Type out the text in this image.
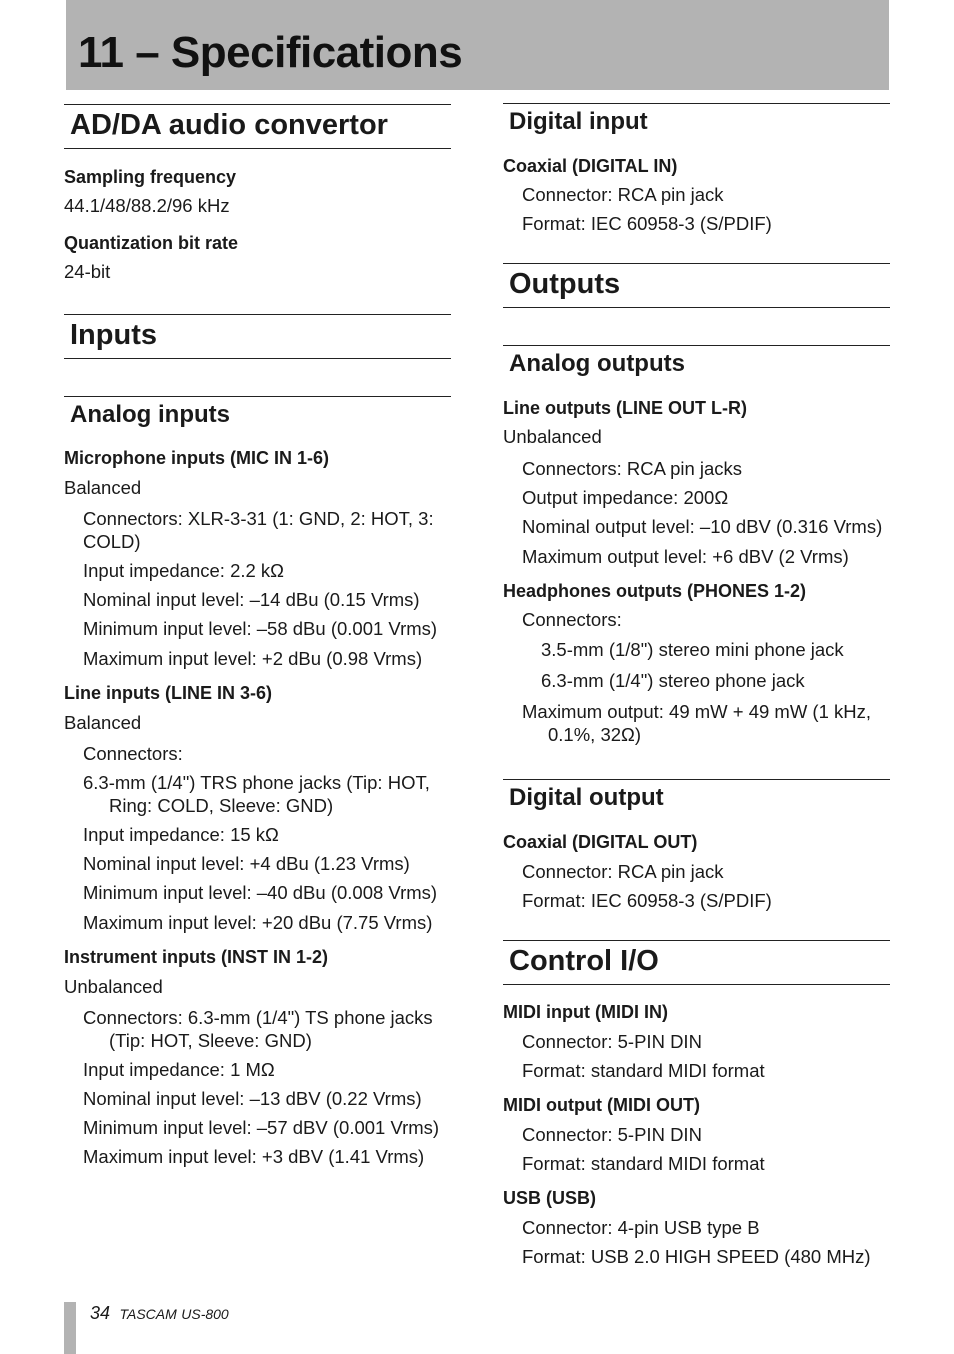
11 – Specifications
AD/DA audio convertor
Sampling frequency
44.1/48/88.2/96 kHz
Quantization bit rate
24-bit
Inputs
Analog inputs
Microphone inputs (MIC IN 1-6)
Balanced
Connectors: XLR-3-31 (1: GND, 2: HOT, 3:
COLD)
Input impedance: 2.2 kΩ
Nominal input level: –14 dBu (0.15 Vrms)
Minimum input level: –58 dBu (0.001 Vrms)
Maximum input level: +2 dBu (0.98 Vrms)
Line inputs (LINE IN 3-6)
Balanced
Connectors:
6.3-mm (1/4") TRS phone jacks (Tip: HOT,
Ring: COLD, Sleeve: GND)
Input impedance: 15 kΩ
Nominal input level: +4 dBu (1.23 Vrms)
Minimum input level: –40 dBu (0.008 Vrms)
Maximum input level: +20 dBu (7.75 Vrms)
Instrument inputs (INST IN 1-2)
Unbalanced
Connectors: 6.3-mm (1/4") TS phone jacks
(Tip: HOT, Sleeve: GND)
Input impedance: 1 MΩ
Nominal input level: –13 dBV (0.22 Vrms)
Minimum input level: –57 dBV (0.001 Vrms)
Maximum input level: +3 dBV (1.41 Vrms)
Digital input
Coaxial (DIGITAL IN)
Connector: RCA pin jack
Format: IEC 60958-3 (S/PDIF)
Outputs
Analog outputs
Line outputs (LINE OUT L-R)
Unbalanced
Connectors: RCA pin jacks
Output impedance: 200Ω
Nominal output level: –10 dBV (0.316 Vrms)
Maximum output level: +6 dBV (2 Vrms)
Headphones outputs (PHONES 1-2)
Connectors:
3.5-mm (1/8") stereo mini phone jack
6.3-mm (1/4") stereo phone jack
Maximum output: 49 mW + 49 mW (1 kHz,
0.1%, 32Ω)
Digital output
Coaxial (DIGITAL OUT)
Connector: RCA pin jack
Format: IEC 60958-3 (S/PDIF)
Control I/O
MIDI input (MIDI IN)
Connector: 5-PIN DIN
Format: standard MIDI format
MIDI output (MIDI OUT)
Connector: 5-PIN DIN
Format: standard MIDI format
USB (USB)
Connector: 4-pin USB type B
Format: USB 2.0 HIGH SPEED (480 MHz)
34 TASCAM US-800
